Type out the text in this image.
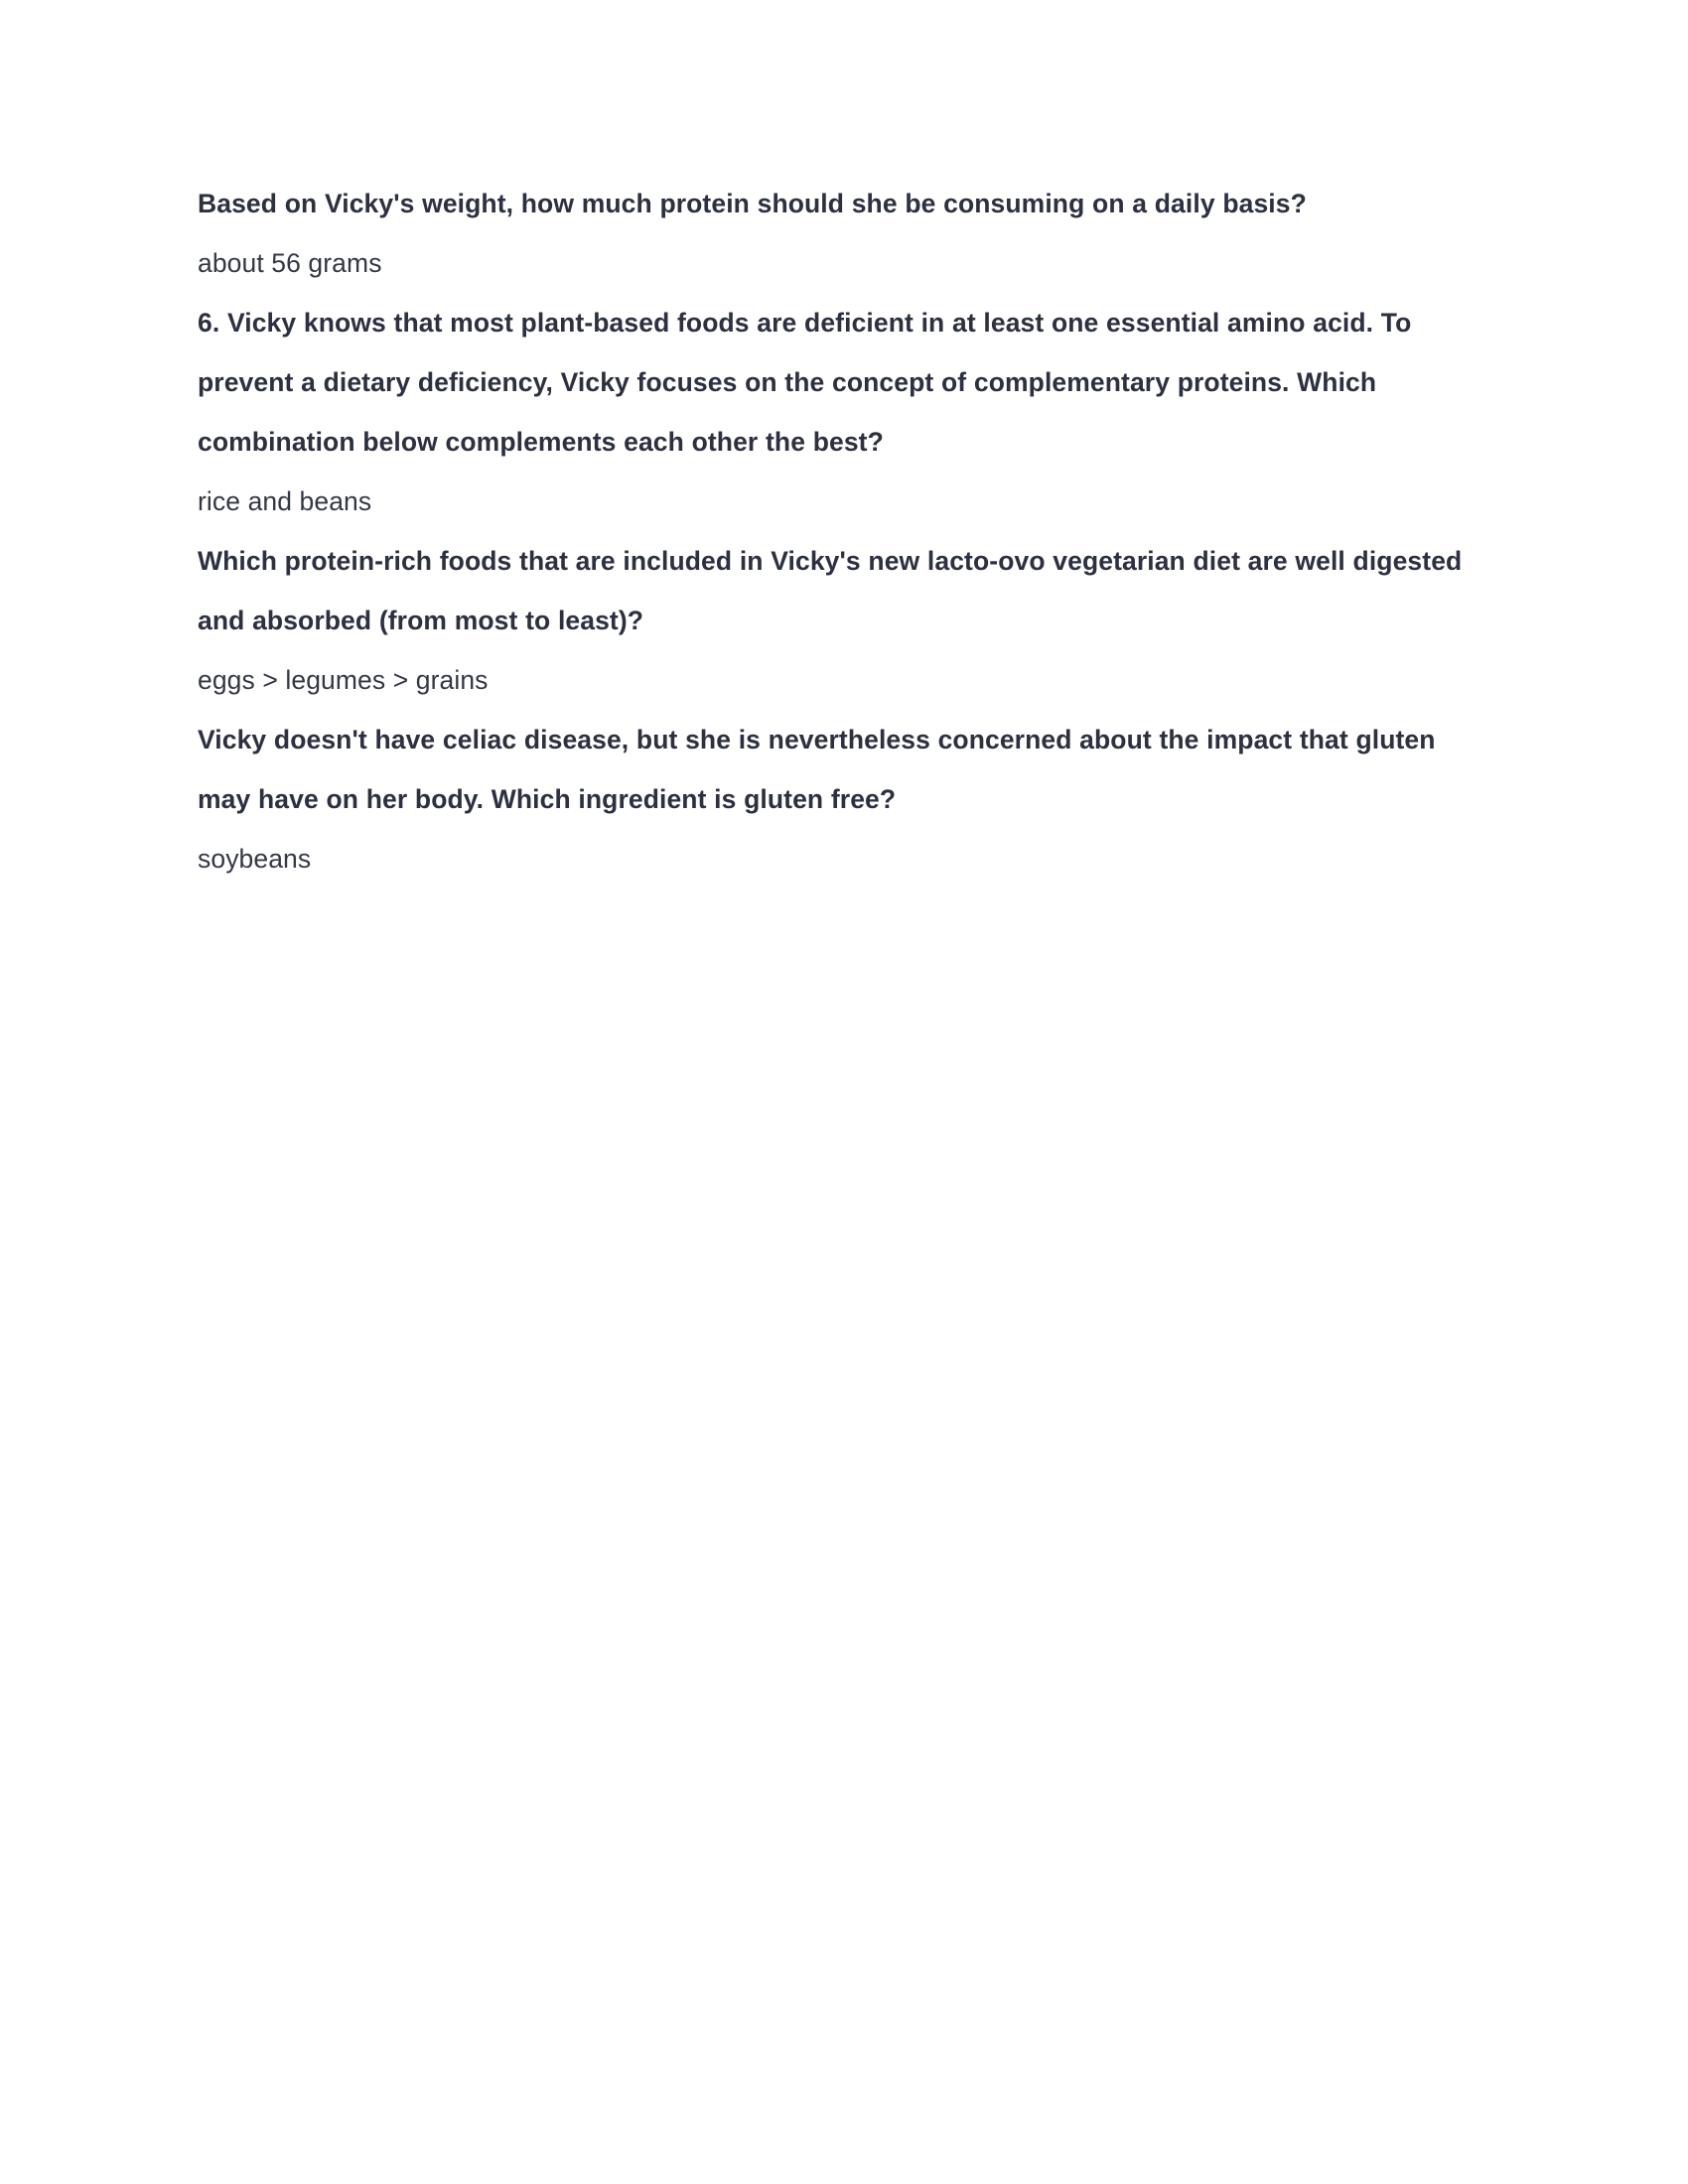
Based on Vicky's weight, how much protein should she be consuming on a daily basis?

about 56 grams

6. Vicky knows that most plant-based foods are deficient in at least one essential amino acid. To prevent a dietary deficiency, Vicky focuses on the concept of complementary proteins. Which combination below complements each other the best?

rice and beans

Which protein-rich foods that are included in Vicky's new lacto-ovo vegetarian diet are well digested and absorbed (from most to least)?

eggs > legumes > grains

Vicky doesn't have celiac disease, but she is nevertheless concerned about the impact that gluten may have on her body. Which ingredient is gluten free?

soybeans
